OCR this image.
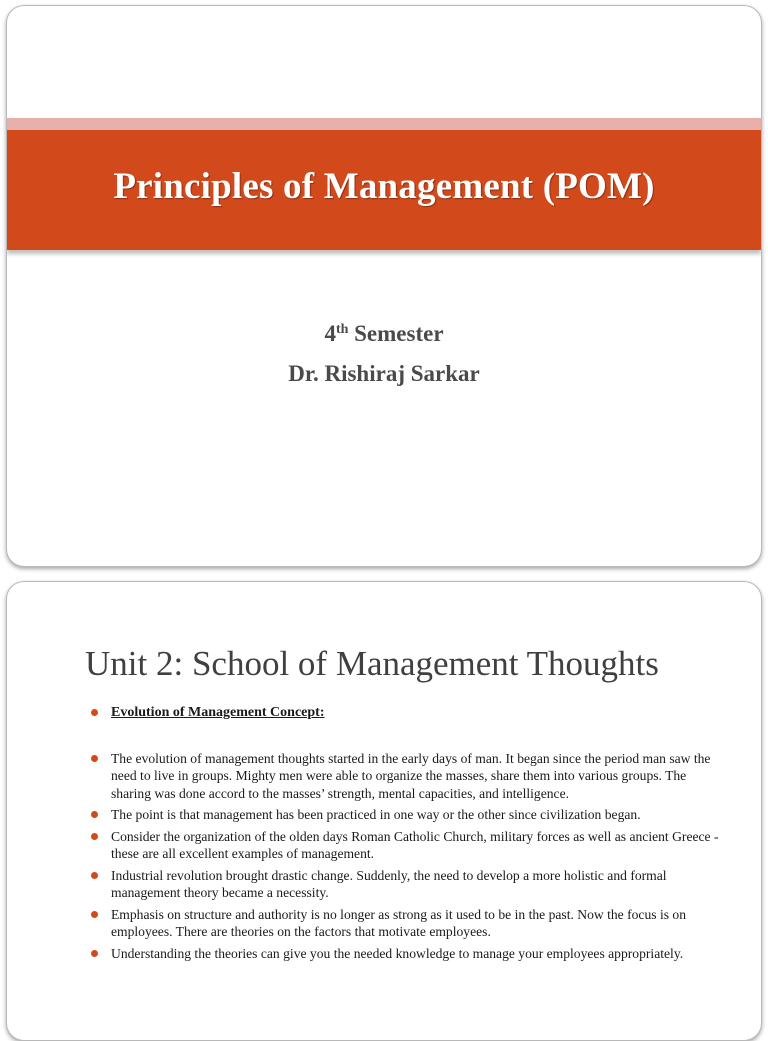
Principles of Management (POM)
4th Semester
Dr. Rishiraj Sarkar
Unit 2: School of Management Thoughts
Evolution of Management Concept:
The evolution of management thoughts started in the early days of man. It began since the period man saw the need to live in groups. Mighty men were able to organize the masses, share them into various groups. The sharing was done accord to the masses’ strength, mental capacities, and intelligence.
The point is that management has been practiced in one way or the other since civilization began.
Consider the organization of the olden days Roman Catholic Church, military forces as well as ancient Greece - these are all excellent examples of management.
Industrial revolution brought drastic change. Suddenly, the need to develop a more holistic and formal management theory became a necessity.
Emphasis on structure and authority is no longer as strong as it used to be in the past. Now the focus is on employees. There are theories on the factors that motivate employees.
Understanding the theories can give you the needed knowledge to manage your employees appropriately.
